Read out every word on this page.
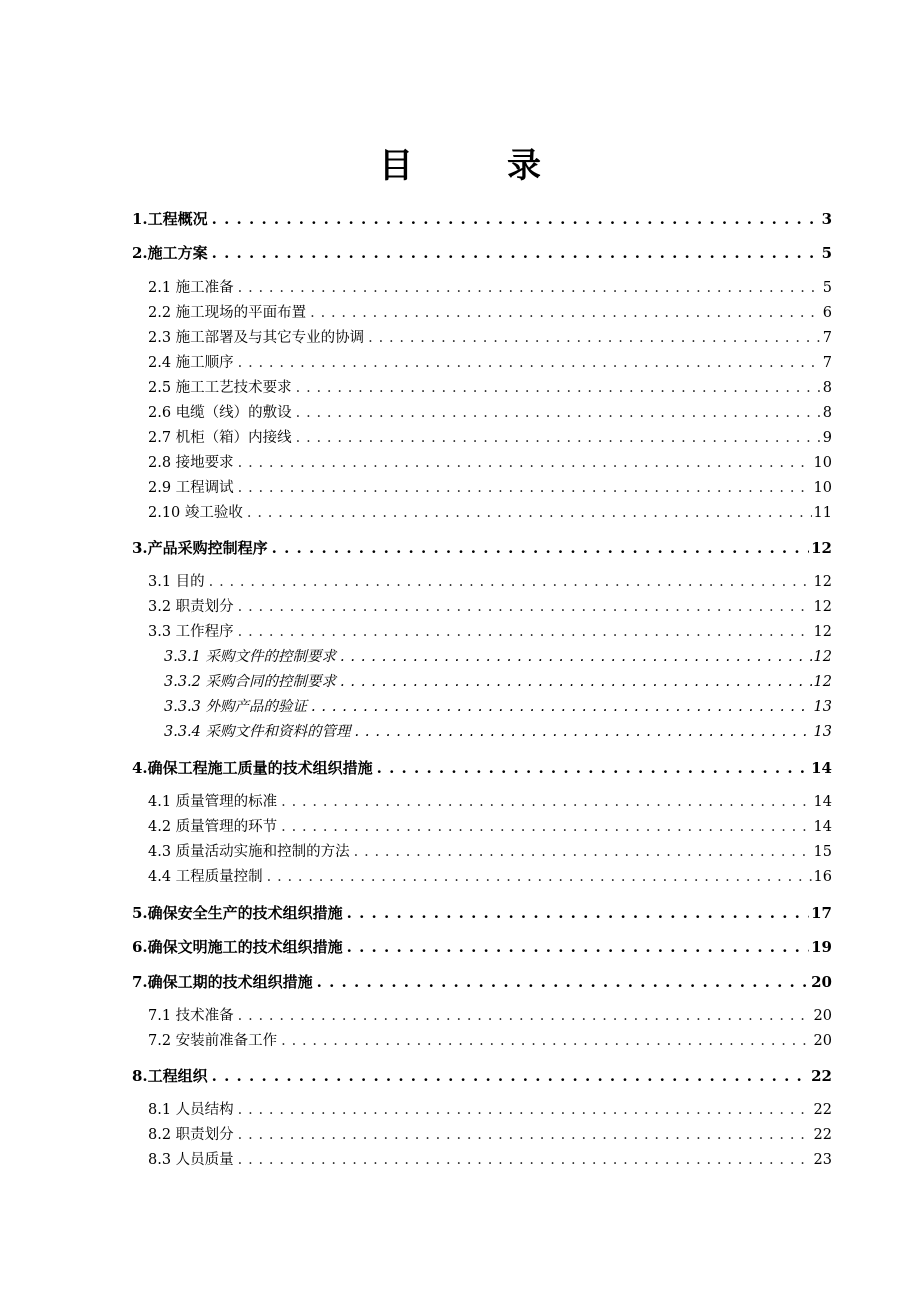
目　录
1.工程概况 . . .	3
2.施工方案 . . .	5
2.1 施工准备 . . .	5
2.2 施工现场的平面布置 . . .	6
2.3 施工部署及与其它专业的协调 . . .	7
2.4 施工顺序 . . .	7
2.5 施工工艺技术要求 . . .	8
2.6 电缆（线）的敷设 . . .	8
2.7 机柜（箱）内接线 . . .	9
2.8 接地要求 . . .	10
2.9 工程调试 . . .	10
2.10 竣工验收 . . .	11
3.产品采购控制程序 . . .	12
3.1 目的 . . .	12
3.2 职责划分 . . .	12
3.3 工作程序 . . .	12
3.3.1 采购文件的控制要求 . . .	12
3.3.2 采购合同的控制要求 . . .	12
3.3.3 外购产品的验证 . . .	13
3.3.4 采购文件和资料的管理 . . .	13
4.确保工程施工质量的技术组织措施 . . .	14
4.1 质量管理的标准 . . .	14
4.2 质量管理的环节 . . .	14
4.3 质量活动实施和控制的方法 . . .	15
4.4 工程质量控制 . . .	16
5.确保安全生产的技术组织措施 . . .	17
6.确保文明施工的技术组织措施 . . .	19
7.确保工期的技术组织措施 . . .	20
7.1 技术准备 . . .	20
7.2 安装前准备工作 . . .	20
8.工程组织 . . .	22
8.1 人员结构 . . .	22
8.2 职责划分 . . .	22
8.3 人员质量 . . .	23
